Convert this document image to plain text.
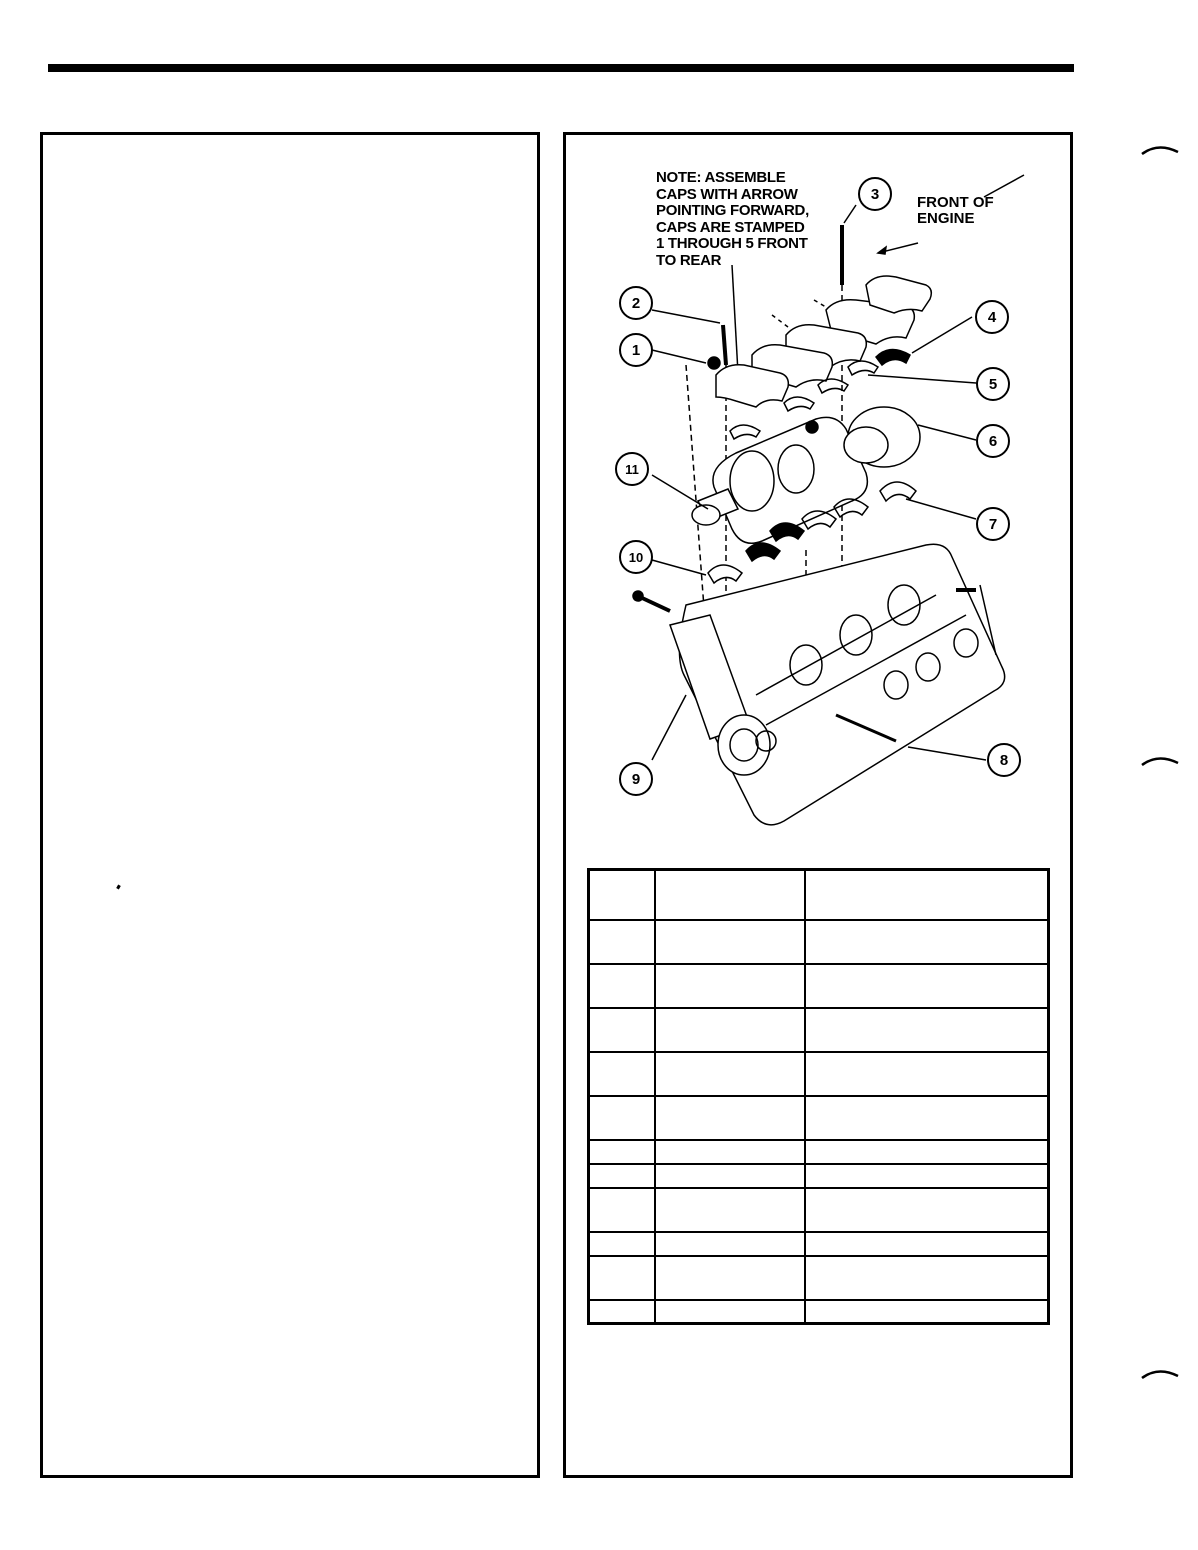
2
1
3
4
5
6
7
8
9
10
11
NOTE: ASSEMBLE
CAPS WITH ARROW
POINTING FORWARD,
CAPS ARE STAMPED
1 THROUGH 5 FRONT
TO REAR
FRONT OF
ENGINE
